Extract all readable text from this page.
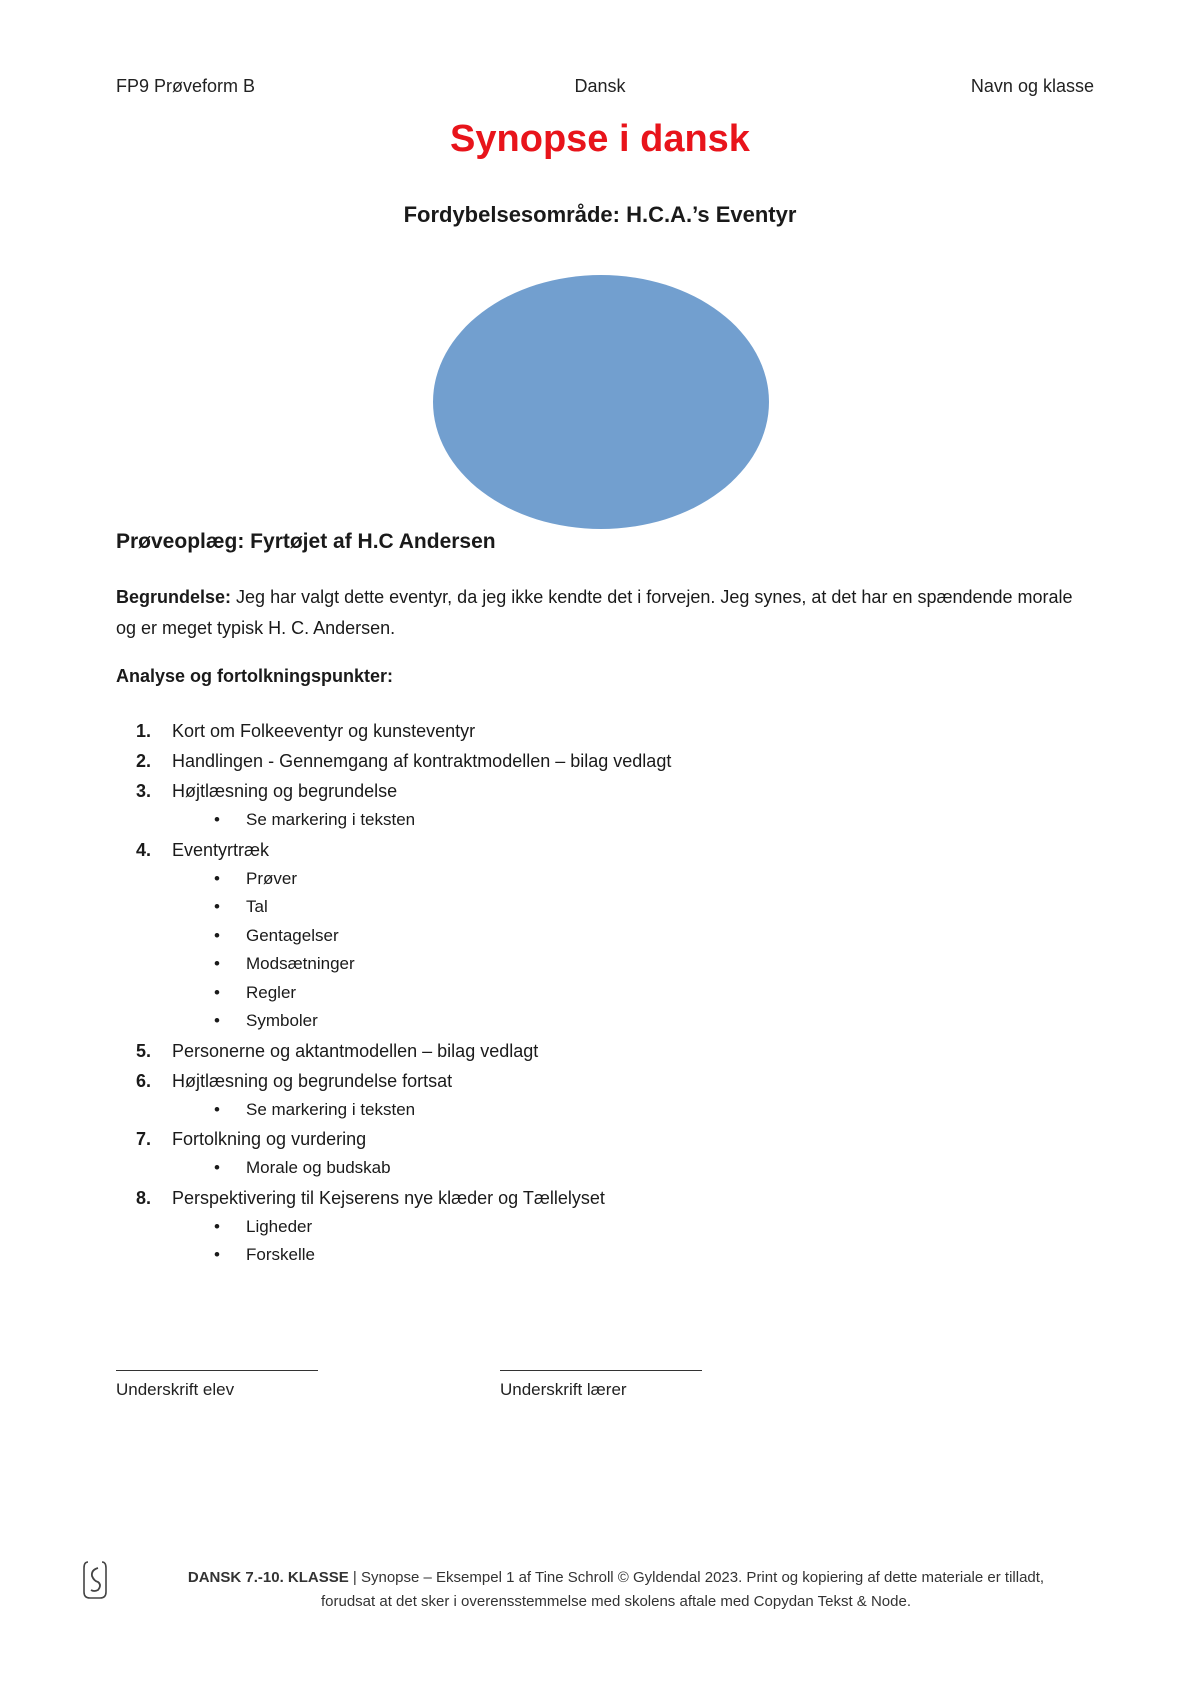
Dansk
FP9 Prøveform B	Navn og klasse
Synopse i dansk
Fordybelsesområde: H.C.A.’s Eventyr
Prøveoplæg: Fyrtøjet af H.C Andersen
Begrundelse: Jeg har valgt dette eventyr, da jeg ikke kendte det i forvejen. Jeg synes, at det har en spændende morale og er meget typisk H. C. Andersen.
Analyse og fortolkningspunkter:
1.	Kort om Folkeeventyr og kunsteventyr
2.	Handlingen - Gennemgang af kontraktmodellen – bilag vedlagt
3.	Højtlæsning og begrundelse
•	Se markering i teksten
4.	Eventyrtræk
•	Prøver
•	Tal
•	Gentagelser
•	Modsætninger
•	Regler
•	Symboler
5.	Personerne og aktantmodellen – bilag vedlagt
6.	Højtlæsning og begrundelse fortsat
•	Se markering i teksten
7.	Fortolkning og vurdering
•	Morale og budskab
8.	Perspektivering til Kejserens nye klæder og Tællelyset
•	Ligheder
•	Forskelle
Underskrift elev	Underskrift lærer
DANSK 7.-10. KLASSE | Synopse – Eksempel 1 af Tine Schroll © Gyldendal 2023. Print og kopiering af dette materiale er tilladt,
forudsat at det sker i overensstemmelse med skolens aftale med Copydan Tekst & Node.
